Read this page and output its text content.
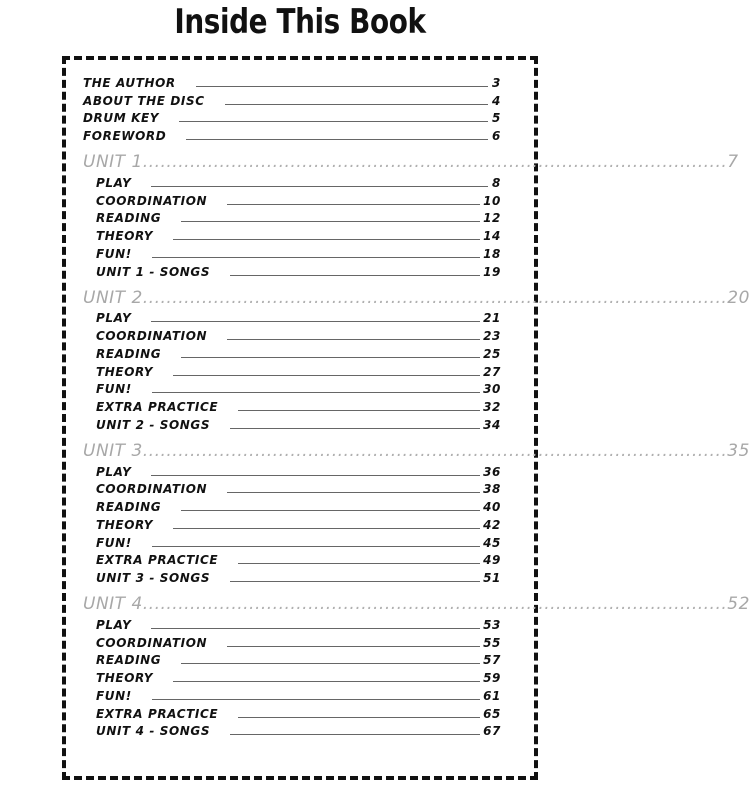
Inside This Book
THE AUTHOR	3
ABOUT THE DISC	4
DRUM KEY	5
FOREWORD	6
UNIT 1 ................................................................................................... 7
PLAY	8
COORDINATION	10
READING	12
THEORY	14
FUN!	18
UNIT 1 - SONGS	19
UNIT 2 ................................................................................................... 20
PLAY	21
COORDINATION	23
READING	25
THEORY	27
FUN!	30
EXTRA PRACTICE	32
UNIT 2 - SONGS	34
UNIT 3 ................................................................................................... 35
PLAY	36
COORDINATION	38
READING	40
THEORY	42
FUN!	45
EXTRA PRACTICE	49
UNIT 3 - SONGS	51
UNIT 4 ................................................................................................... 52
PLAY	53
COORDINATION	55
READING	57
THEORY	59
FUN!	61
EXTRA PRACTICE	65
UNIT 4 - SONGS	67
